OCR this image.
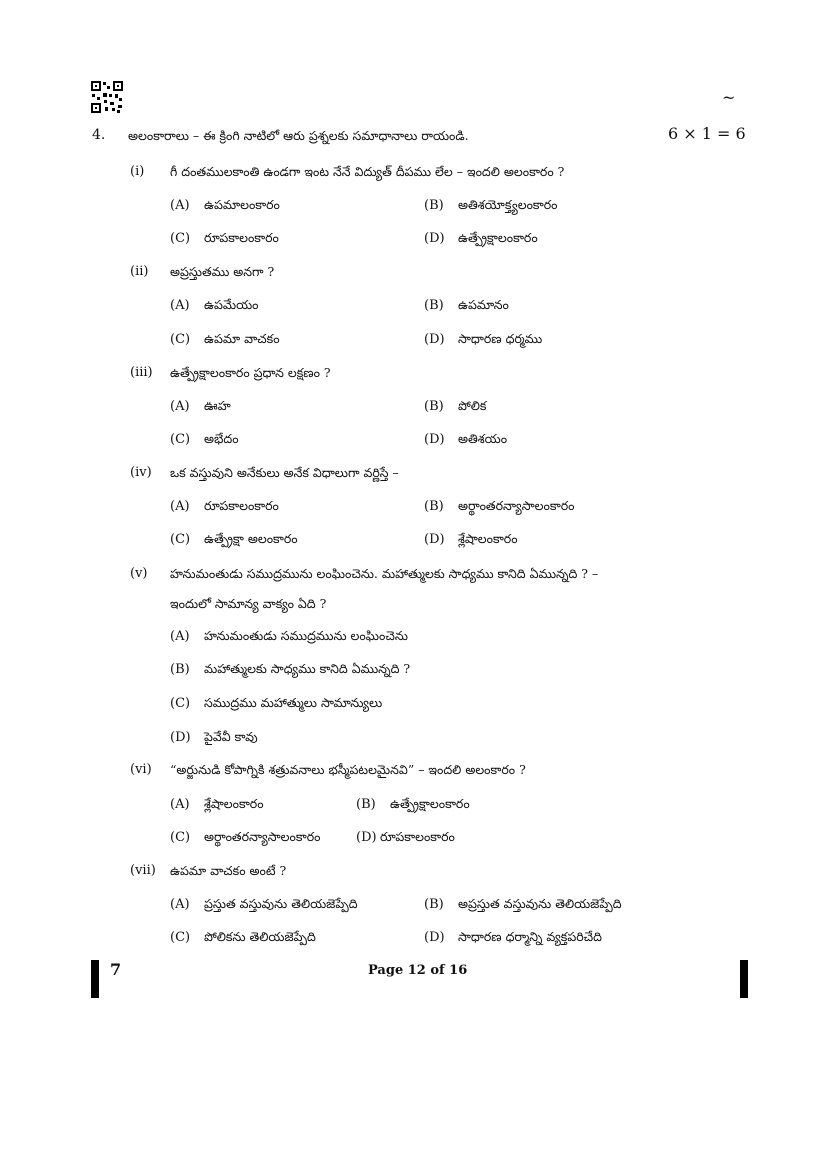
~
4. అలంకారాలు – ఈ క్రింగి నాటిలో ఆరు ప్రశ్నలకు సమాధానాలు రాయండి.	6 × 1 = 6
(i) గీ దంతములకాంతి ఉండగా ఇంట నేనే విద్యుత్ దీపము లేల – ఇందలి అలంకారం ?
(A) ఉపమాలంకారం	(B) అతిశయోక్త్యలంకారం
(C) రూపకాలంకారం	(D) ఉత్ప్రేక్షాలంకారం
(ii) అప్రస్తుతము అనగా ?
(A) ఉపమేయం	(B) ఉపమానం
(C) ఉపమా వాచకం	(D) సాధారణ ధర్మము
(iii) ఉత్ప్రేక్షాలంకారం ప్రధాన లక్షణం ?
(A) ఊహ	(B) పోలిక
(C) అభేదం	(D) అతిశయం
(iv) ఒక వస్తువుని అనేకులు అనేక విధాలుగా వర్ణిస్తే –
(A) రూపకాలంకారం	(B) అర్థాంతరన్యాసాలంకారం
(C) ఉత్ప్రేక్షా అలంకారం	(D) శ్లేషాలంకారం
(v) హనుమంతుడు సముద్రమును లంఘించెను. మహాత్ములకు సాధ్యము కానిది ఏమున్నది ? –
ఇందులో సామాన్య వాక్యం ఏది ?
(A) హనుమంతుడు సముద్రమును లంఘించెను
(B) మహాత్ములకు సాధ్యము కానిది ఏమున్నది ?
(C) సముద్రము మహాత్ములు సామాన్యులు
(D) పైవేవీ కావు
(vi) “అర్జునుడి కోపాగ్నికి శత్రువనాలు భస్మీపటలమైనవి” – ఇందలి అలంకారం ?
(A) శ్లేషాలంకారం	(B) ఉత్ప్రేక్షాలంకారం
(C) అర్థాంతరన్యాసాలంకారం	(D) రూపకాలంకారం
(vii) ఉపమా వాచకం అంటే ?
(A) ప్రస్తుత వస్తువును తెలియజెప్పేది	(B) అప్రస్తుత వస్తువును తెలియజెప్పేది
(C) పోలికను తెలియజెప్పేది	(D) సాధారణ ధర్మాన్ని వ్యక్తపరిచేది
7	Page 12 of 16
